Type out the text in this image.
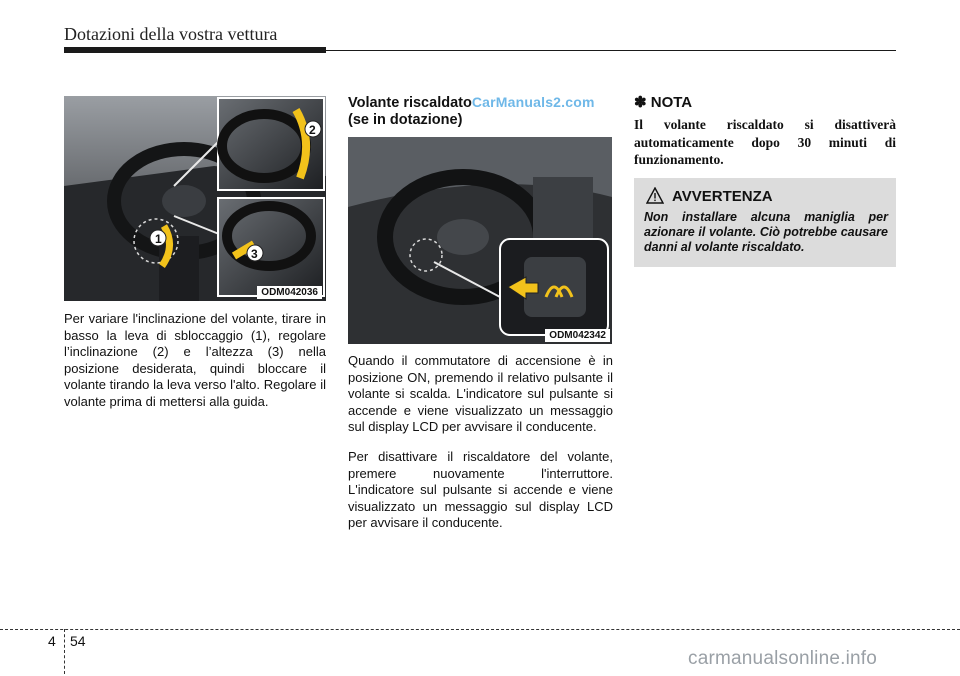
Dotazioni della vostra vettura
1
2
3
ODM042036
Per variare l'inclinazione del volante, tirare in basso la leva di sbloccaggio (1), regolare l’inclinazione (2) e l’altezza (3) nella posizione desiderata, quindi bloccare il volante tirando la leva verso l'alto. Regolare il volante prima di mettersi alla guida.
Volante riscaldatoCarManuals2.com
(se in dotazione)
ODM042342
Quando il commutatore di accensione è in posizione ON, premendo il relativo pulsante il volante si scalda. L'indicatore sul pulsante si accende e viene visualizzato un messaggio sul display LCD per avvisare il conducente.
Per disattivare il riscaldatore del volante, premere nuovamente l'interruttore. L'indicatore sul pulsante si accende e viene visualizzato un messaggio sul display LCD per avvisare il conducente.
✽ NOTA
Il volante riscaldato si disattiverà automaticamente dopo 30 minuti di funzionamento.
AVVERTENZA
Non installare alcuna maniglia per azionare il volante. Ciò potrebbe causare danni al volante riscaldato.
4 54
carmanualsonline.info
